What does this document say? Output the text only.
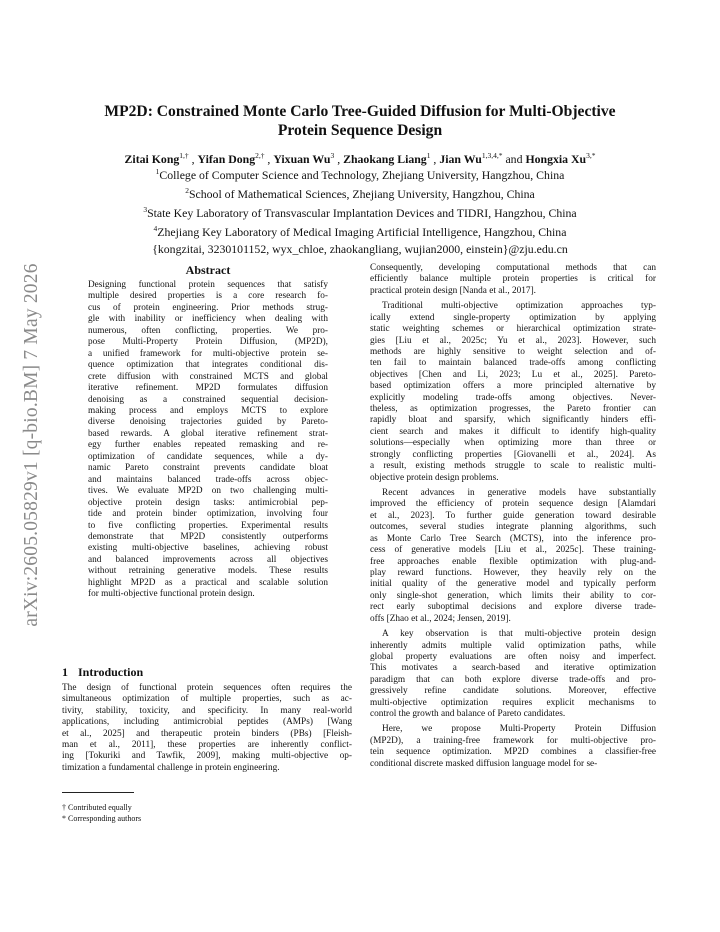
arXiv:2605.05829v1 [q-bio.BM] 7 May 2026
MP2D: Constrained Monte Carlo Tree-Guided Diffusion for Multi-Objective
Protein Sequence Design
Zitai Kong$^{1,\dagger}$ , Yifan Dong$^{2,\dagger}$ , Yixuan Wu$^3$ , Zhaokang Liang$^1$ , Jian $Wu^{1,3,4,*}$ and Hongxia $Xu^{3,*}$
$^1$College of Computer Science and Technology, Zhejiang University, Hangzhou, China
$^2$School of Mathematical Sciences, Zhejiang University, Hangzhou, China
$^3$State Key Laboratory of Transvascular Implantation Devices and TIDRI, Hangzhou, China
$^4$Zhejiang Key Laboratory of Medical Imaging Artificial Intelligence, Hangzhou, China
{kongzitai, 3230101152, wyx_chloe, zhaokangliang, wujian2000, einstein}@zju.edu.cn
Abstract
Designing functional protein sequences that satisfy
multiple desired properties is a core research fo-
cus of protein engineering. Prior methods strug-
gle with inability or inefficiency when dealing with
numerous, often conflicting, properties. We pro-
pose Multi-Property Protein Diffusion, (MP2D),
a unified framework for multi-objective protein se-
quence optimization that integrates conditional dis-
crete diffusion with constrained MCTS and global
iterative refinement. MP2D formulates diffusion
denoising as a constrained sequential decision-
making process and employs MCTS to explore
diverse denoising trajectories guided by Pareto-
based rewards. A global iterative refinement strat-
egy further enables repeated remasking and re-
optimization of candidate sequences, while a dy-
namic Pareto constraint prevents candidate bloat
and maintains balanced trade-offs across objec-
tives. We evaluate MP2D on two challenging multi-
objective protein design tasks: antimicrobial pep-
tide and protein binder optimization, involving four
to five conflicting properties. Experimental results
demonstrate that MP2D consistently outperforms
existing multi-objective baselines, achieving robust
and balanced improvements across all objectives
without retraining generative models. These results
highlight MP2D as a practical and scalable solution
for multi-objective functional protein design.
1 Introduction
The design of functional protein sequences often requires the
simultaneous optimization of multiple properties, such as ac-
tivity, stability, toxicity, and specificity. In many real-world
applications, including antimicrobial peptides (AMPs) [Wang
et al., 2025] and therapeutic protein binders (PBs) [Fleish-
man et al., 2011], these properties are inherently conflict-
ing [Tokuriki and Tawfik, 2009], making multi-objective op-
timization a fundamental challenge in protein engineering.
† Contributed equally
* Corresponding authors
Consequently, developing computational methods that can
efficiently balance multiple protein properties is critical for
practical protein design [Nanda et al., 2017].
Traditional multi-objective optimization approaches typ-
ically extend single-property optimization by applying
static weighting schemes or hierarchical optimization strate-
gies [Liu et al., 2025c; Yu et al., 2023]. However, such
methods are highly sensitive to weight selection and of-
ten fail to maintain balanced trade-offs among conflicting
objectives [Chen and Li, 2023; Lu et al., 2025]. Pareto-
based optimization offers a more principled alternative by
explicitly modeling trade-offs among objectives. Never-
theless, as optimization progresses, the Pareto frontier can
rapidly bloat and sparsify, which significantly hinders effi-
cient search and makes it difficult to identify high-quality
solutions—especially when optimizing more than three or
strongly conflicting properties [Giovanelli et al., 2024]. As
a result, existing methods struggle to scale to realistic multi-
objective protein design problems.
Recent advances in generative models have substantially
improved the efficiency of protein sequence design [Alamdari
et al., 2023]. To further guide generation toward desirable
outcomes, several studies integrate planning algorithms, such
as Monte Carlo Tree Search (MCTS), into the inference pro-
cess of generative models [Liu et al., 2025c]. These training-
free approaches enable flexible optimization with plug-and-
play reward functions. However, they heavily rely on the
initial quality of the generative model and typically perform
only single-shot generation, which limits their ability to cor-
rect early suboptimal decisions and explore diverse trade-
offs [Zhao et al., 2024; Jensen, 2019].
A key observation is that multi-objective protein design
inherently admits multiple valid optimization paths, while
global property evaluations are often noisy and imperfect.
This motivates a search-based and iterative optimization
paradigm that can both explore diverse trade-offs and pro-
gressively refine candidate solutions. Moreover, effective
multi-objective optimization requires explicit mechanisms to
control the growth and balance of Pareto candidates.
Here, we propose Multi-Property Protein Diffusion
(MP2D), a training-free framework for multi-objective pro-
tein sequence optimization. MP2D combines a classifier-free
conditional discrete masked diffusion language model for se-
